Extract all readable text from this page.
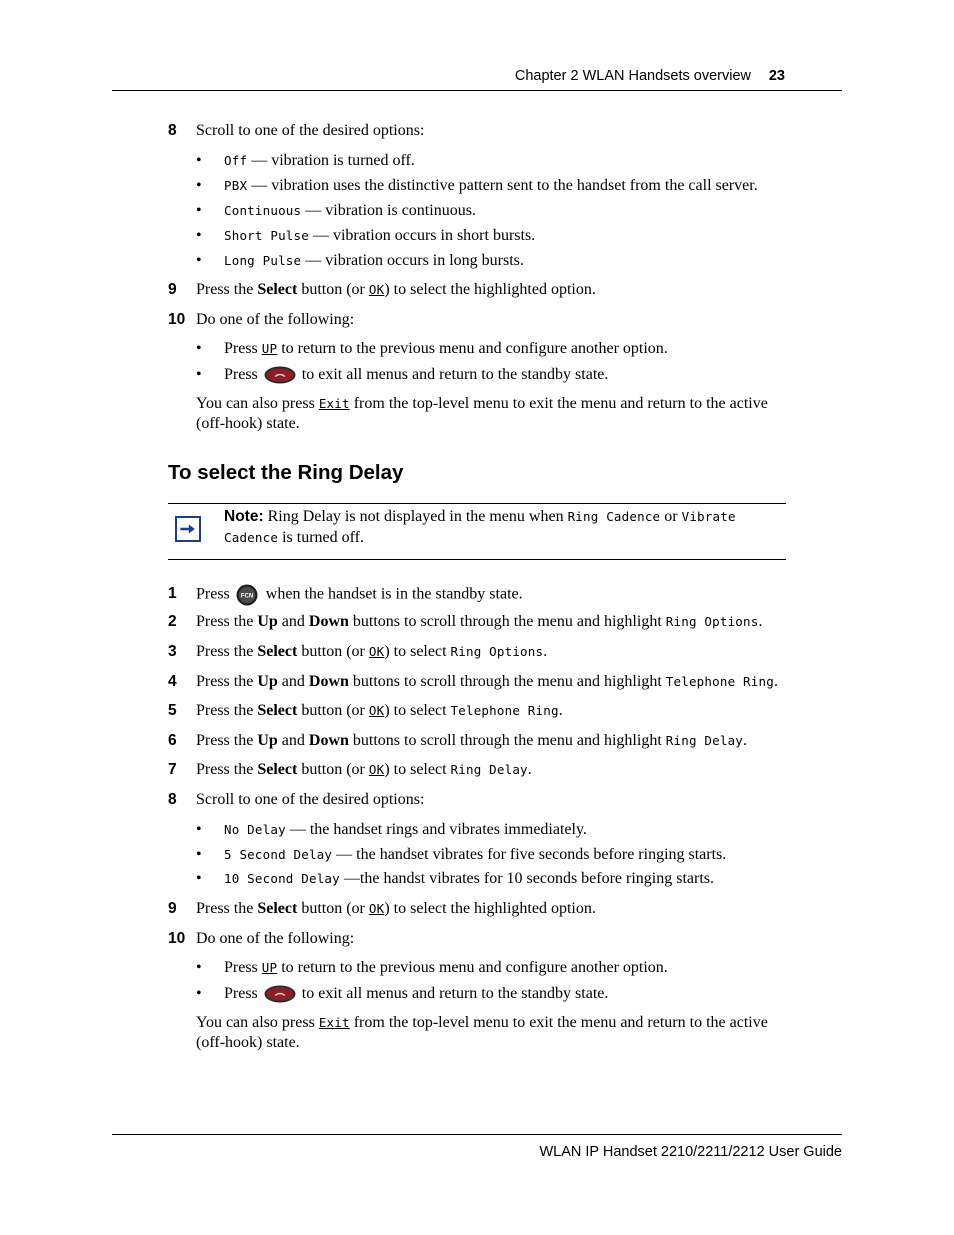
Chapter 2 WLAN Handsets overview 23
8 Scroll to one of the desired options:
• Off — vibration is turned off.
• PBX — vibration uses the distinctive pattern sent to the handset from the call server.
• Continuous — vibration is continuous.
• Short Pulse — vibration occurs in short bursts.
• Long Pulse — vibration occurs in long bursts.
9 Press the Select button (or OK) to select the highlighted option.
10 Do one of the following:
• Press UP to return to the previous menu and configure another option.
• Press	to exit all menus and return to the standby state.
You can also press Exit from the top-level menu to exit the menu and return to the active
(off-hook) state.
To select the Ring Delay
Note: Ring Delay is not displayed in the menu when Ring Cadence or Vibrate
Cadence is turned off.
1 Press FCN when the handset is in the standby state.
2 Press the Up and Down buttons to scroll through the menu and highlight Ring Options.
3 Press the Select button (or OK) to select Ring Options.
4 Press the Up and Down buttons to scroll through the menu and highlight Telephone Ring.
5 Press the Select button (or OK) to select Telephone Ring.
6 Press the Up and Down buttons to scroll through the menu and highlight Ring Delay.
7 Press the Select button (or OK) to select Ring Delay.
8 Scroll to one of the desired options:
• No Delay — the handset rings and vibrates immediately.
• 5 Second Delay — the handset vibrates for five seconds before ringing starts.
• 10 Second Delay —the handst vibrates for 10 seconds before ringing starts.
9 Press the Select button (or OK) to select the highlighted option.
10 Do one of the following:
• Press UP to return to the previous menu and configure another option.
• Press	to exit all menus and return to the standby state.
You can also press Exit from the top-level menu to exit the menu and return to the active
(off-hook) state.
WLAN IP Handset 2210/2211/2212 User Guide
